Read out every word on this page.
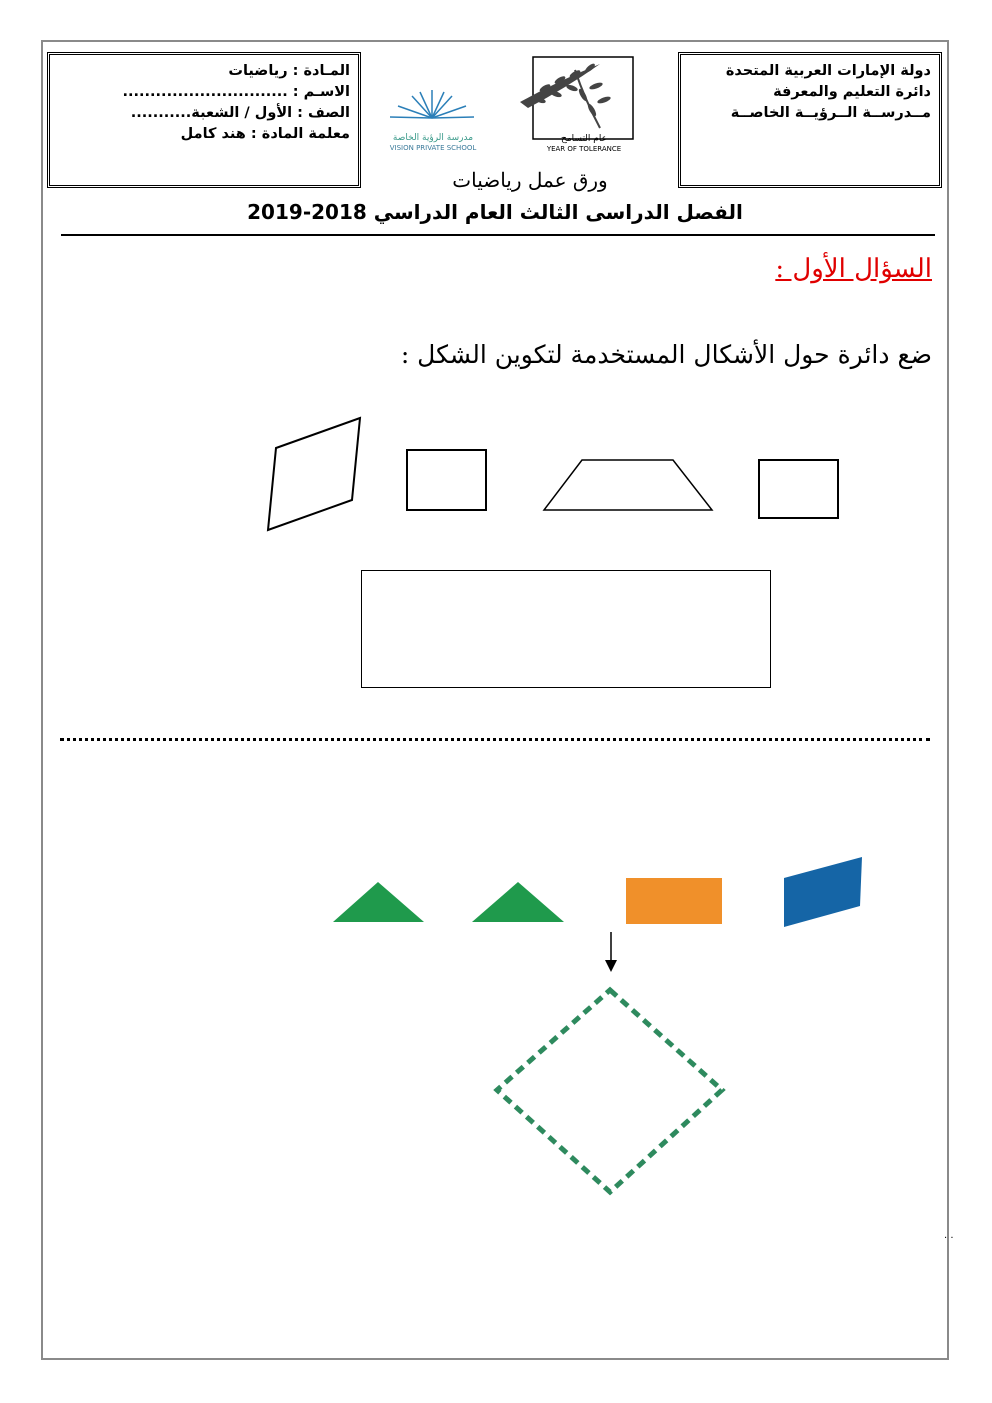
المـادة : رياضيات
الاسـم : ..............................
الصف : الأول / الشعبة...........
معلمة المادة : هند كامل
دولة الإمارات العربية المتحدة
دائرة التعليم والمعرفة
مــدرســة الــرؤيــة الخاصــة
مدرسة الرؤية الخاصة
VISION PRIVATE SCHOOL
عام التسامح
YEAR OF TOLERANCE
ورق عمل رياضيات
الفصل الدراسى الثالث العام الدراسي 2018-2019
السؤال الأول :
ضع دائرة حول الأشكال المستخدمة لتكوين الشكل :
. .
